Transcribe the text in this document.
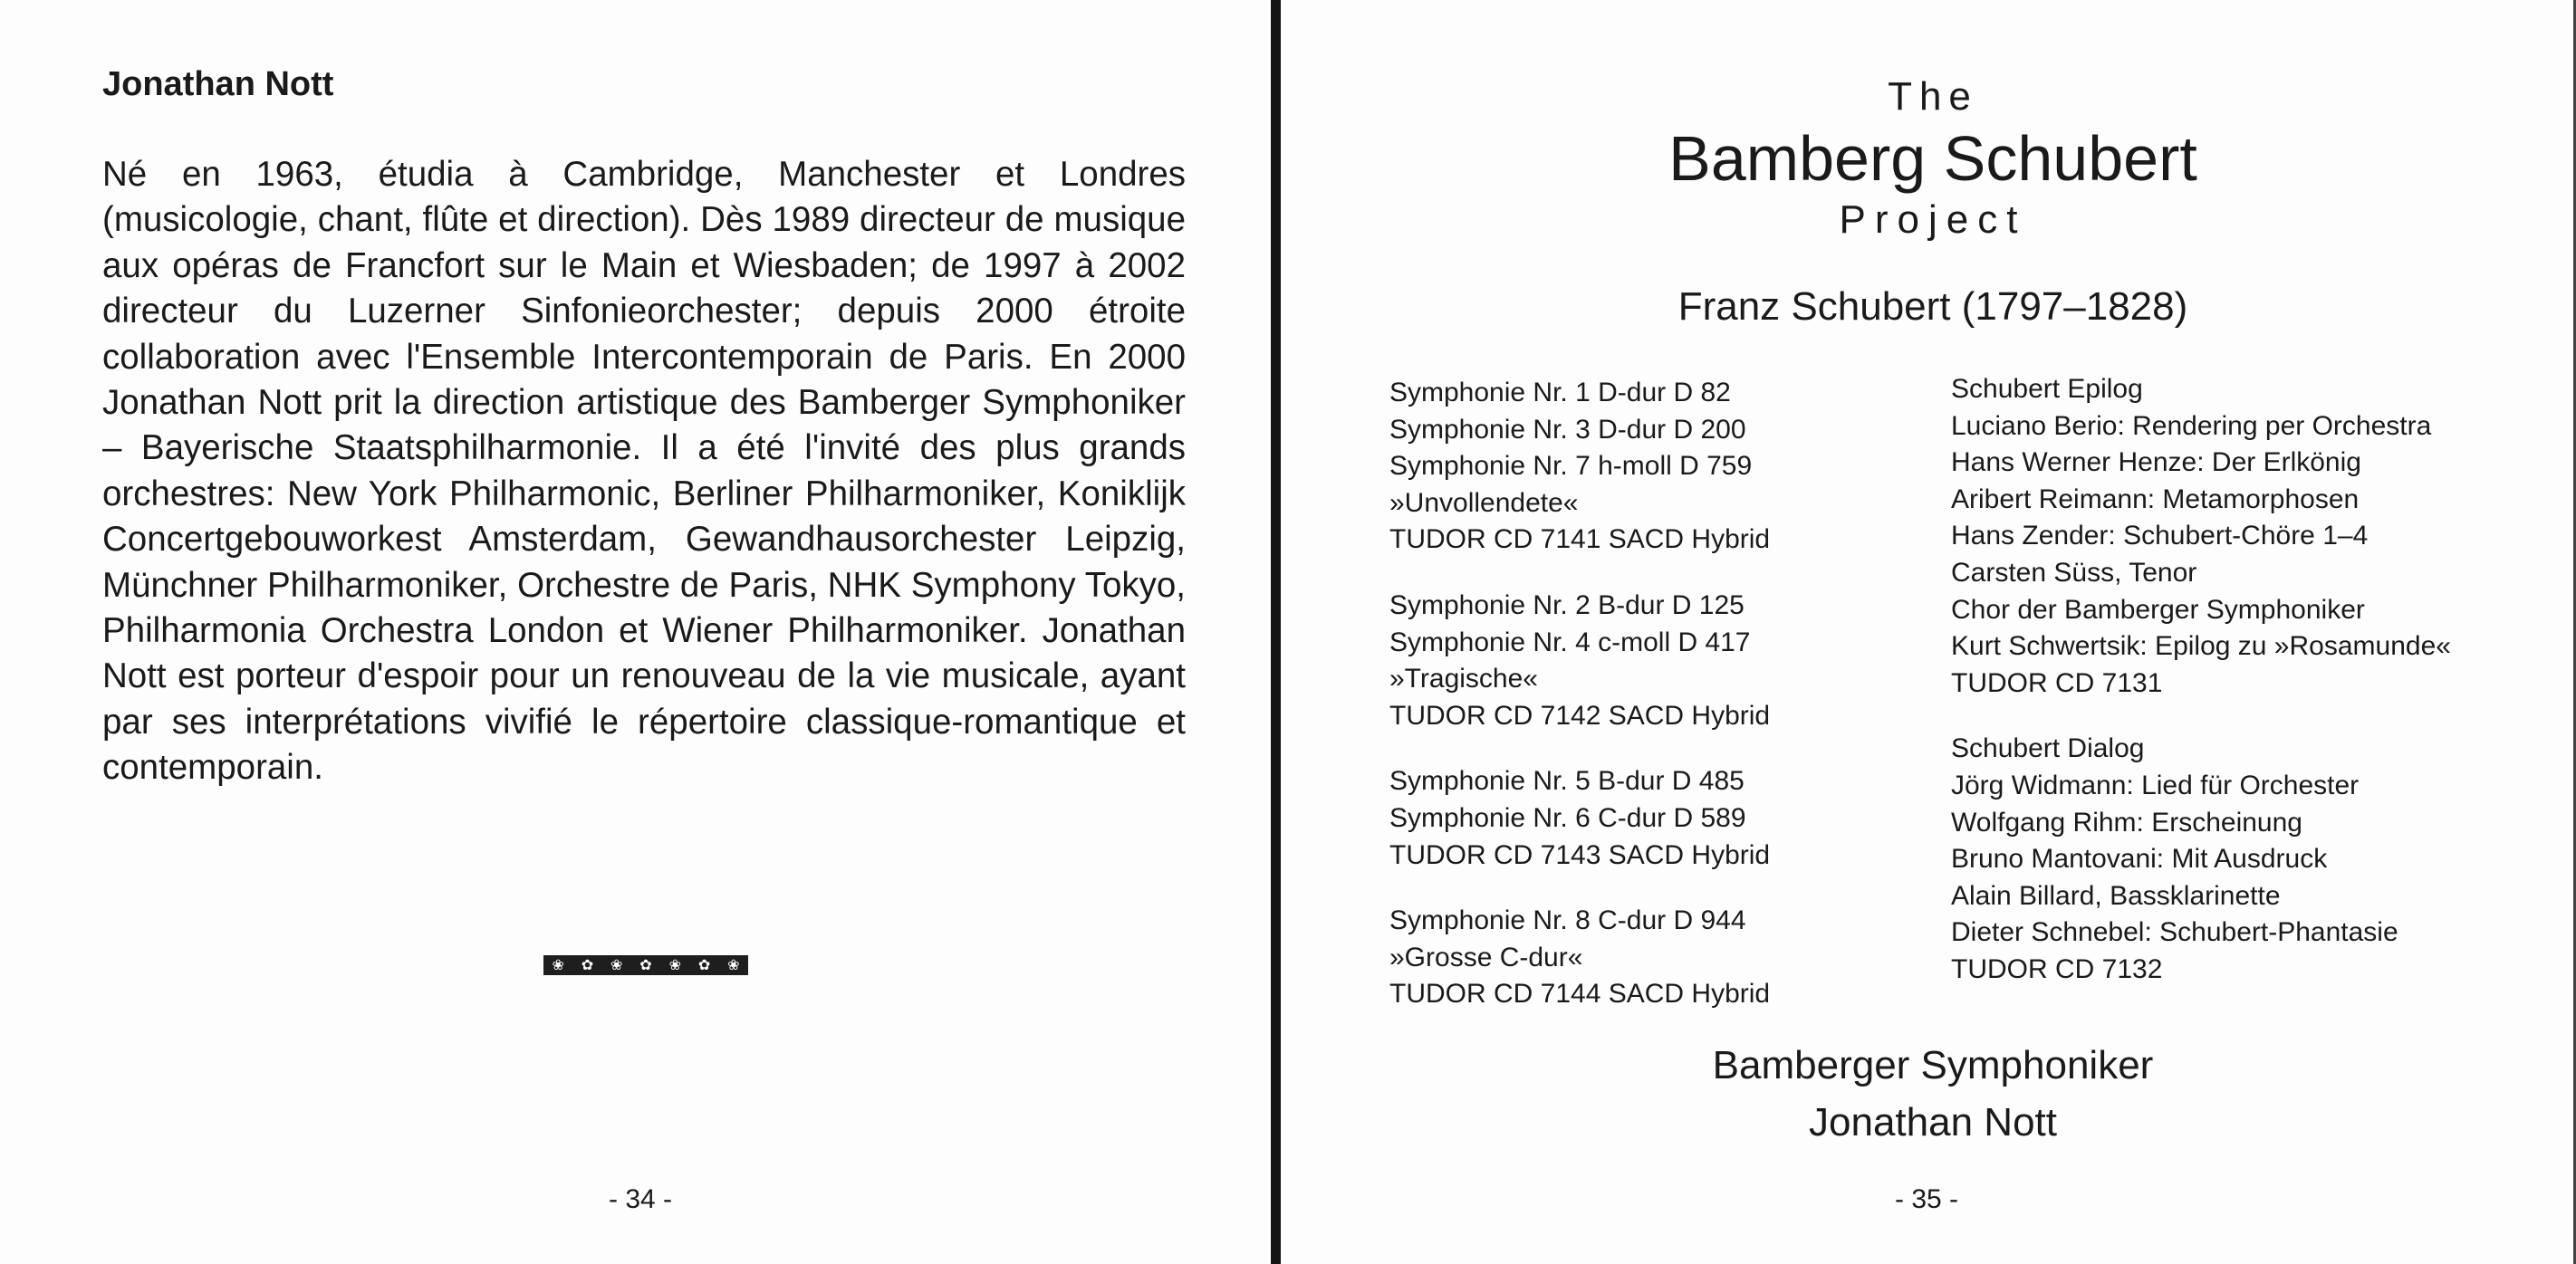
Jonathan Nott

Né en 1963, étudia à Cambridge, Manchester et Londres (musicologie, chant, flûte et direction). Dès 1989 directeur de musique aux opéras de Francfort sur le Main et Wiesbaden; de 1997 à 2002 directeur du Luzerner Sinfonieorchester; depuis 2000 étroite collaboration avec l'Ensemble Intercontemporain de Paris. En 2000 Jonathan Nott prit la direction artistique des Bamberger Symphoniker – Bayerische Staatsphilharmonie. Il a été l'invité des plus grands orchestres: New York Philharmonic, Berliner Philharmoniker, Koniklijk Concertgebouworkest Amsterdam, Gewandhausorchester Leipzig, Münchner Philharmoniker, Orchestre de Paris, NHK Symphony Tokyo, Philharmonia Orchestra London et Wiener Philharmoniker. Jonathan Nott est porteur d'espoir pour un renouveau de la vie musicale, ayant par ses interprétations vivifié le répertoire classique-romantique et contemporain.

❀ ✿ ❀ ✿ ❀ ✿ ❀
- 34 -
The
Bamberg Schubert
Project
Franz Schubert (1797–1828)
Symphonie Nr. 1 D-dur D 82
Symphonie Nr. 3 D-dur D 200
Symphonie Nr. 7 h-moll D 759
»Unvollendete«
TUDOR CD 7141 SACD Hybrid
Symphonie Nr. 2 B-dur D 125
Symphonie Nr. 4 c-moll D 417
»Tragische«
TUDOR CD 7142 SACD Hybrid
Symphonie Nr. 5 B-dur D 485
Symphonie Nr. 6 C-dur D 589
TUDOR CD 7143 SACD Hybrid
Symphonie Nr. 8 C-dur D 944
»Grosse C-dur«
TUDOR CD 7144 SACD Hybrid
Schubert Epilog
Luciano Berio: Rendering per Orchestra
Hans Werner Henze: Der Erlkönig
Aribert Reimann: Metamorphosen
Hans Zender: Schubert-Chöre 1–4
Carsten Süss, Tenor
Chor der Bamberger Symphoniker
Kurt Schwertsik: Epilog zu »Rosamunde«
TUDOR CD 7131
Schubert Dialog
Jörg Widmann: Lied für Orchester
Wolfgang Rihm: Erscheinung
Bruno Mantovani: Mit Ausdruck
Alain Billard, Bassklarinette
Dieter Schnebel: Schubert-Phantasie
TUDOR CD 7132
Bamberger Symphoniker
Jonathan Nott
- 35 -
